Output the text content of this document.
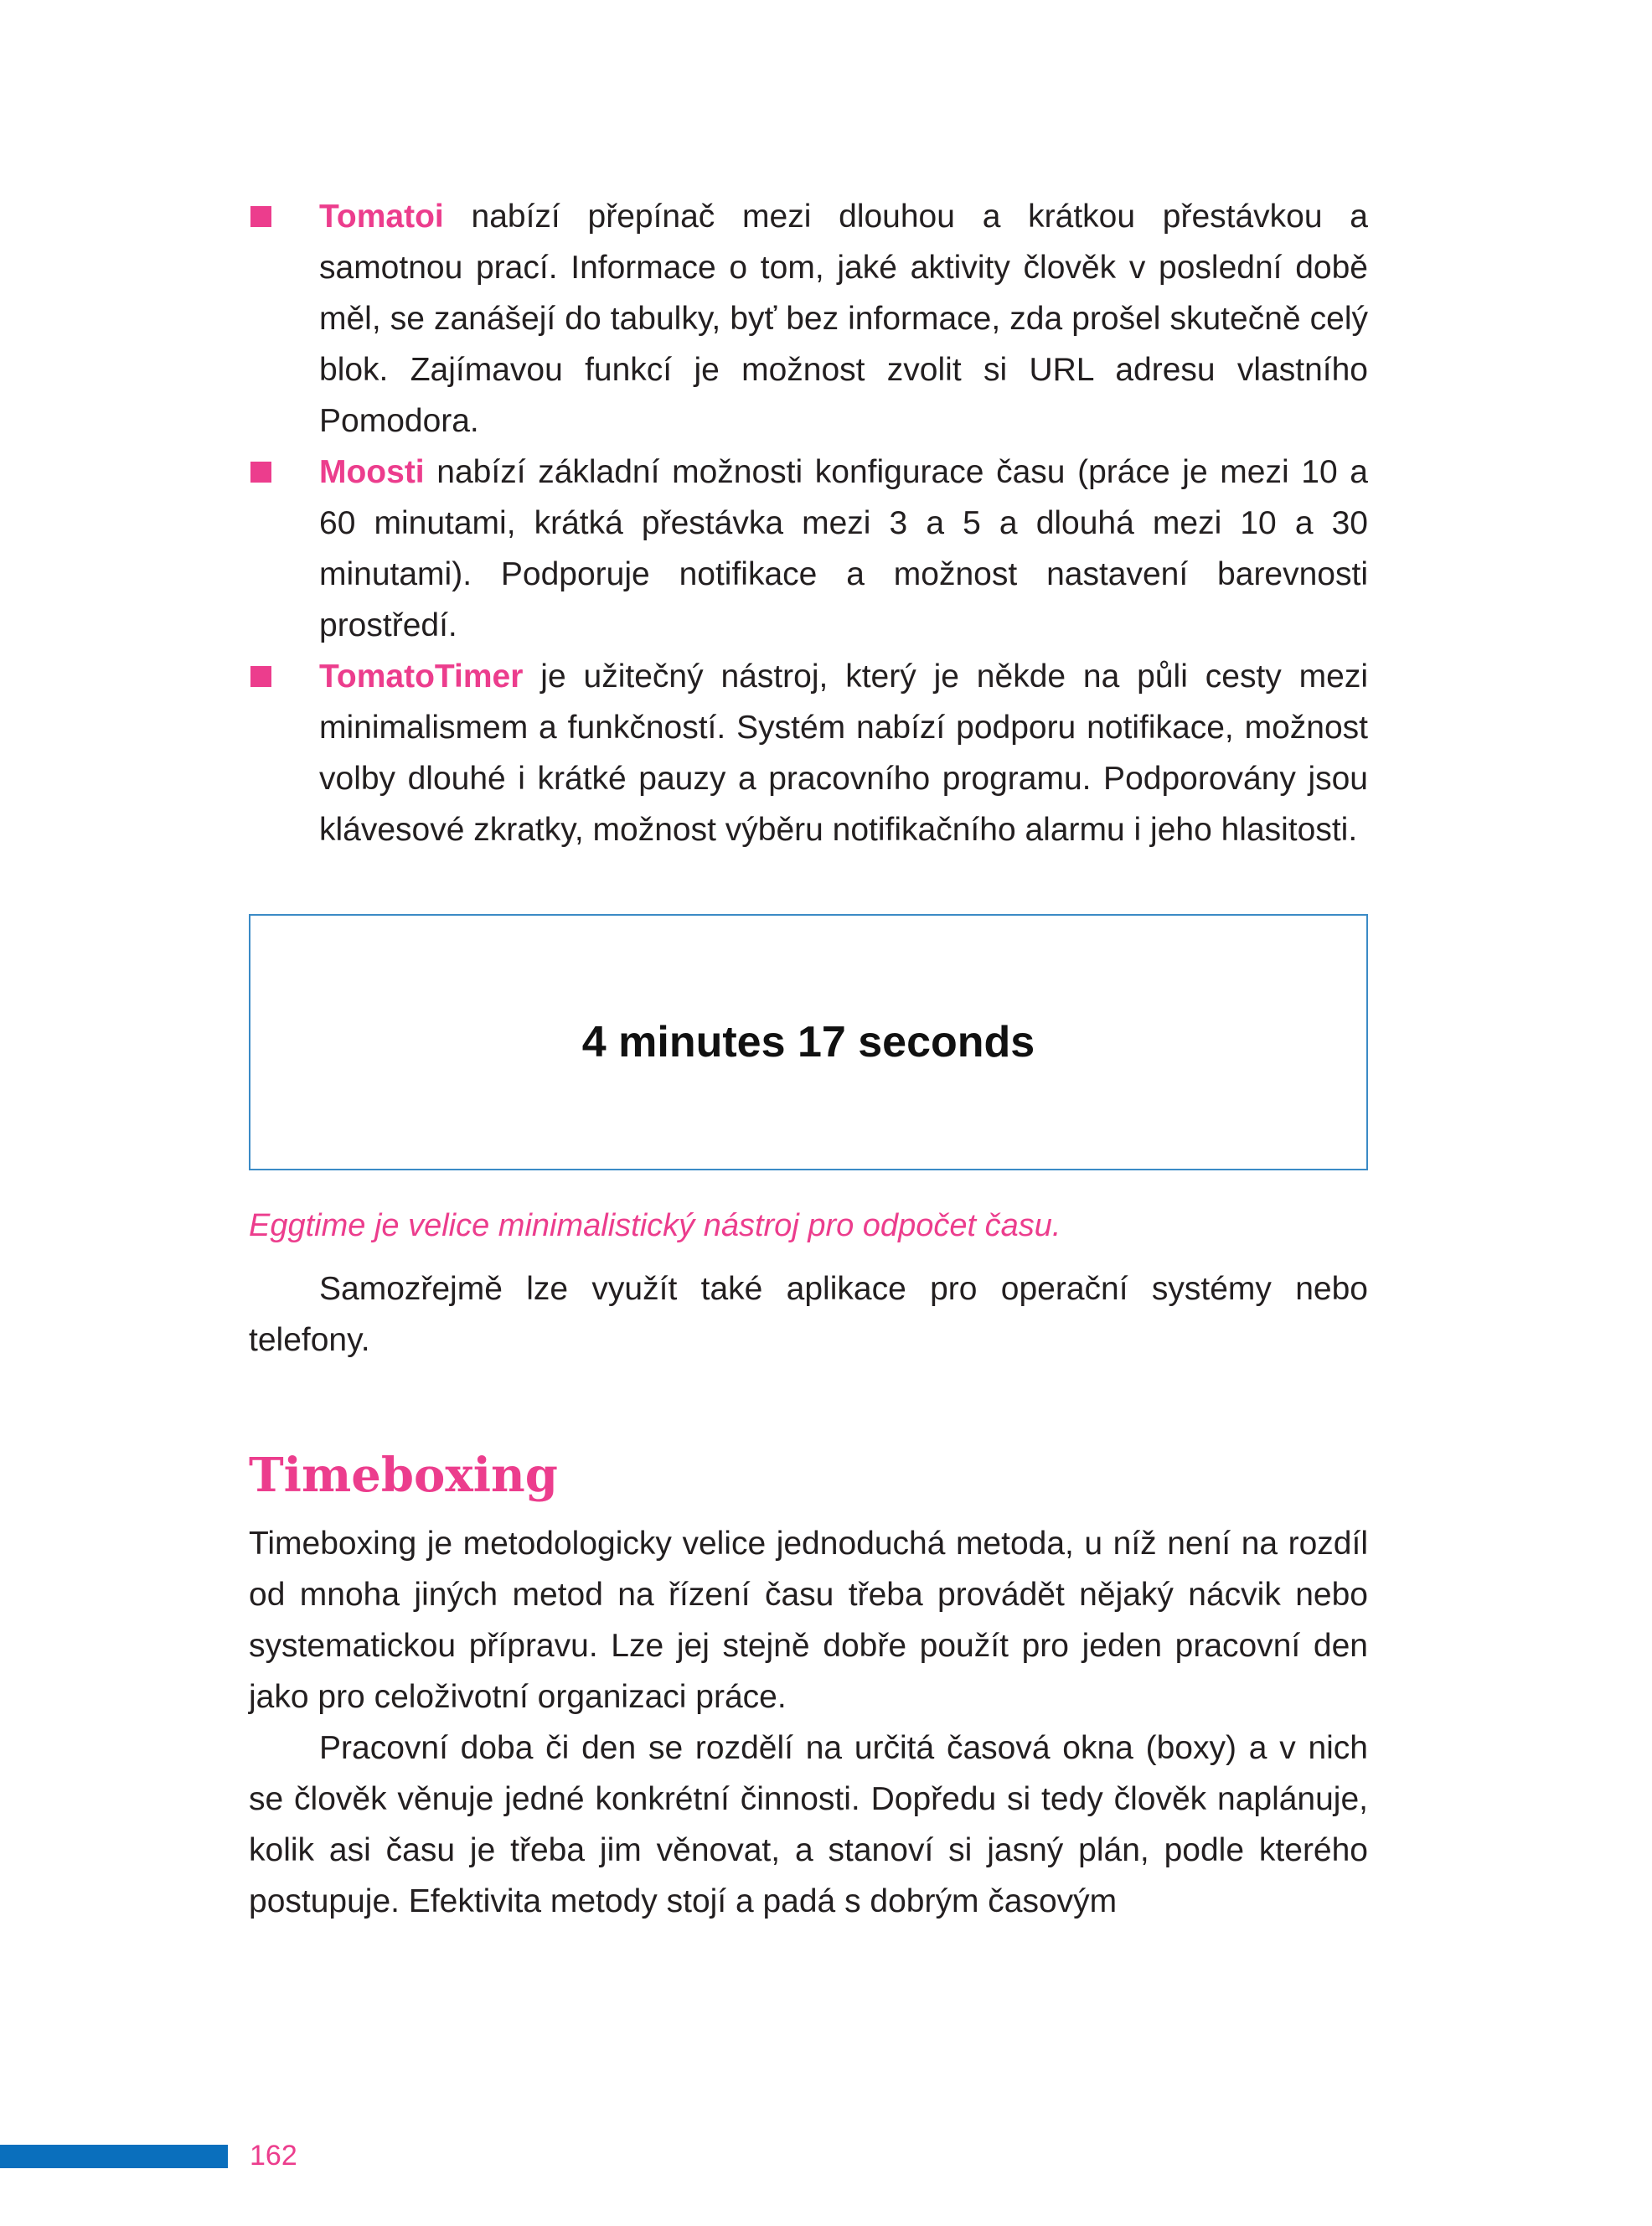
Tomatoi nabízí přepínač mezi dlouhou a krátkou přestávkou a samotnou prací. Informace o tom, jaké aktivity člověk v poslední době měl, se zanášejí do tabulky, byť bez informace, zda prošel skutečně celý blok. Zajímavou funkcí je možnost zvolit si URL adresu vlastního Pomodora.
Moosti nabízí základní možnosti konfigurace času (práce je mezi 10 a 60 minutami, krátká přestávka mezi 3 a 5 a dlouhá mezi 10 a 30 minutami). Podporuje notifikace a možnost nastavení barevnosti prostředí.
TomatoTimer je užitečný nástroj, který je někde na půli cesty mezi minimalismem a funkčností. Systém nabízí podporu notifikace, možnost volby dlouhé i krátké pauzy a pracovního programu. Podporovány jsou klávesové zkratky, možnost výběru notifikačního alarmu i jeho hlasitosti.
4 minutes 17 seconds
Eggtime je velice minimalistický nástroj pro odpočet času.

Samozřejmě lze využít také aplikace pro operační systémy nebo telefony.

Timeboxing

Timeboxing je metodologicky velice jednoduchá metoda, u níž není na rozdíl od mnoha jiných metod na řízení času třeba provádět nějaký nácvik nebo systematickou přípravu. Lze jej stejně dobře použít pro jeden pracovní den jako pro celoživotní organizaci práce.

Pracovní doba či den se rozdělí na určitá časová okna (boxy) a v nich se člověk věnuje jedné konkrétní činnosti. Dopředu si tedy člověk naplánuje, kolik asi času je třeba jim věnovat, a stanoví si jasný plán, podle kterého postupuje. Efektivita metody stojí a padá s dobrým časovým

162
